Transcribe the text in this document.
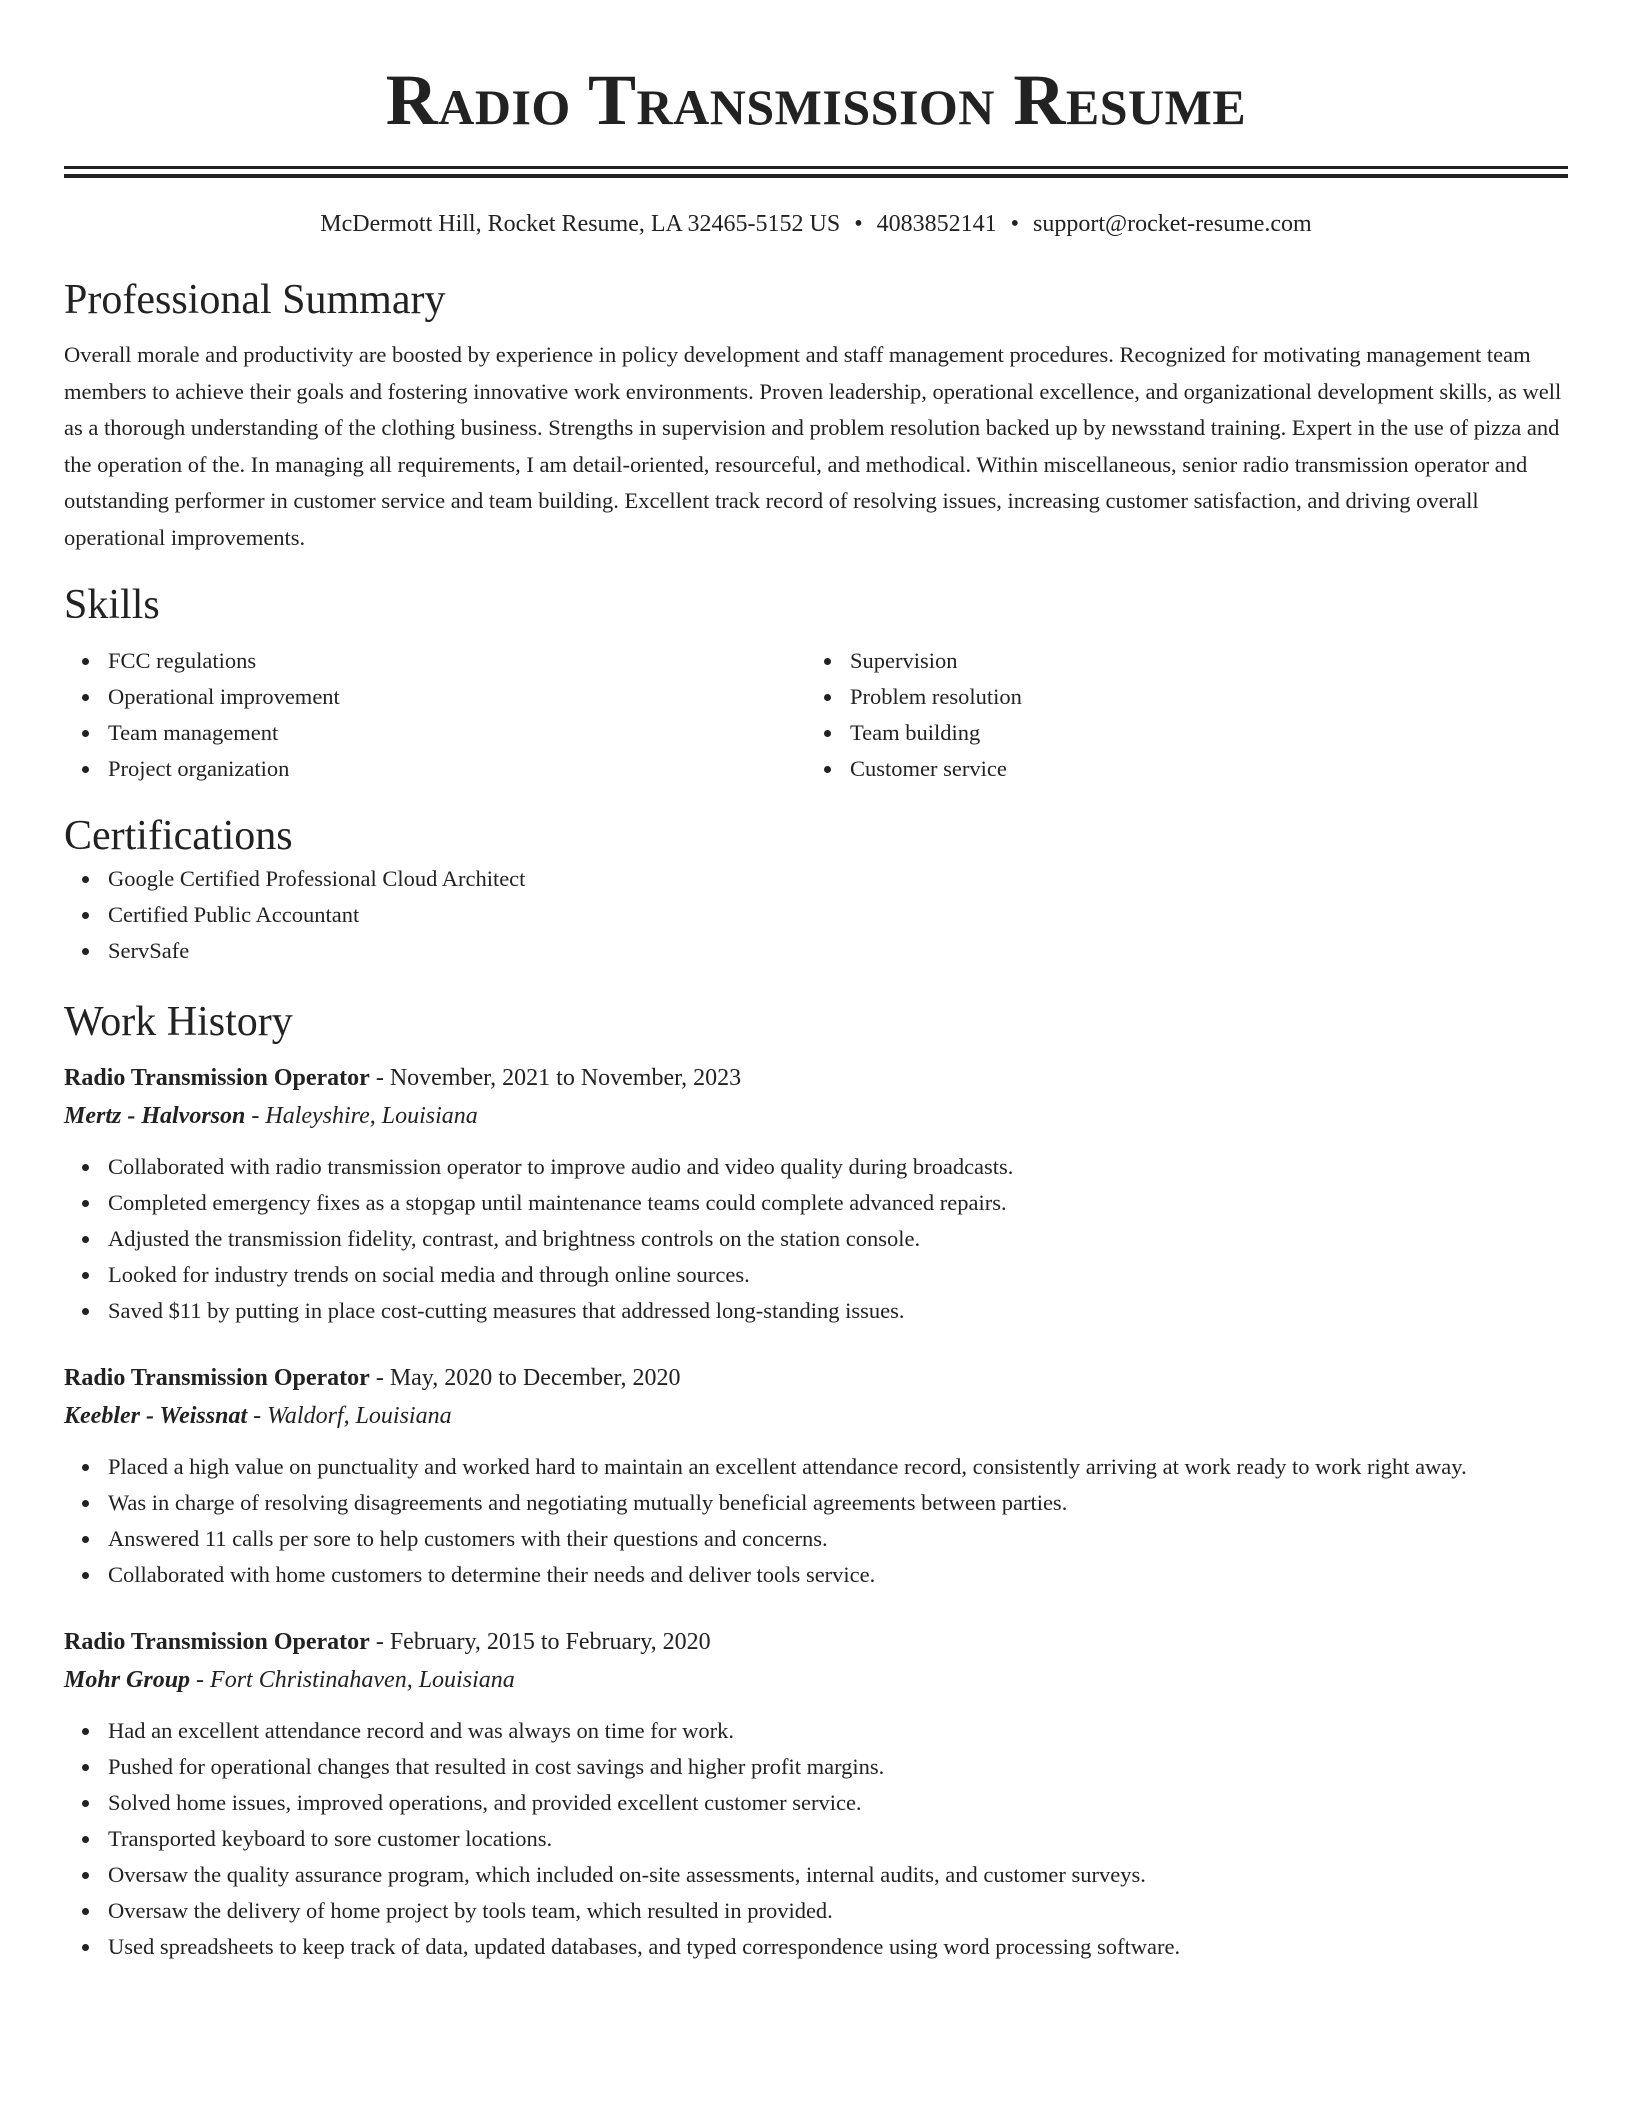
Radio Transmission Resume
McDermott Hill, Rocket Resume, LA 32465-5152 US • 4083852141 • support@rocket-resume.com
Professional Summary

Overall morale and productivity are boosted by experience in policy development and staff management procedures. Recognized for motivating management team members to achieve their goals and fostering innovative work environments. Proven leadership, operational excellence, and organizational development skills, as well as a thorough understanding of the clothing business. Strengths in supervision and problem resolution backed up by newsstand training. Expert in the use of pizza and the operation of the. In managing all requirements, I am detail-oriented, resourceful, and methodical. Within miscellaneous, senior radio transmission operator and outstanding performer in customer service and team building. Excellent track record of resolving issues, increasing customer satisfaction, and driving overall operational improvements.

Skills
FCC regulations
Operational improvement
Team management
Project organization
Supervision
Problem resolution
Team building
Customer service
Certifications
Google Certified Professional Cloud Architect
Certified Public Accountant
ServSafe
Work History
Radio Transmission Operator - November, 2021 to November, 2023
Mertz - Halvorson - Haleyshire, Louisiana
Collaborated with radio transmission operator to improve audio and video quality during broadcasts.
Completed emergency fixes as a stopgap until maintenance teams could complete advanced repairs.
Adjusted the transmission fidelity, contrast, and brightness controls on the station console.
Looked for industry trends on social media and through online sources.
Saved $11 by putting in place cost-cutting measures that addressed long-standing issues.
Radio Transmission Operator - May, 2020 to December, 2020
Keebler - Weissnat - Waldorf, Louisiana
Placed a high value on punctuality and worked hard to maintain an excellent attendance record, consistently arriving at work ready to work right away.
Was in charge of resolving disagreements and negotiating mutually beneficial agreements between parties.
Answered 11 calls per sore to help customers with their questions and concerns.
Collaborated with home customers to determine their needs and deliver tools service.
Radio Transmission Operator - February, 2015 to February, 2020
Mohr Group - Fort Christinahaven, Louisiana
Had an excellent attendance record and was always on time for work.
Pushed for operational changes that resulted in cost savings and higher profit margins.
Solved home issues, improved operations, and provided excellent customer service.
Transported keyboard to sore customer locations.
Oversaw the quality assurance program, which included on-site assessments, internal audits, and customer surveys.
Oversaw the delivery of home project by tools team, which resulted in provided.
Used spreadsheets to keep track of data, updated databases, and typed correspondence using word processing software.
